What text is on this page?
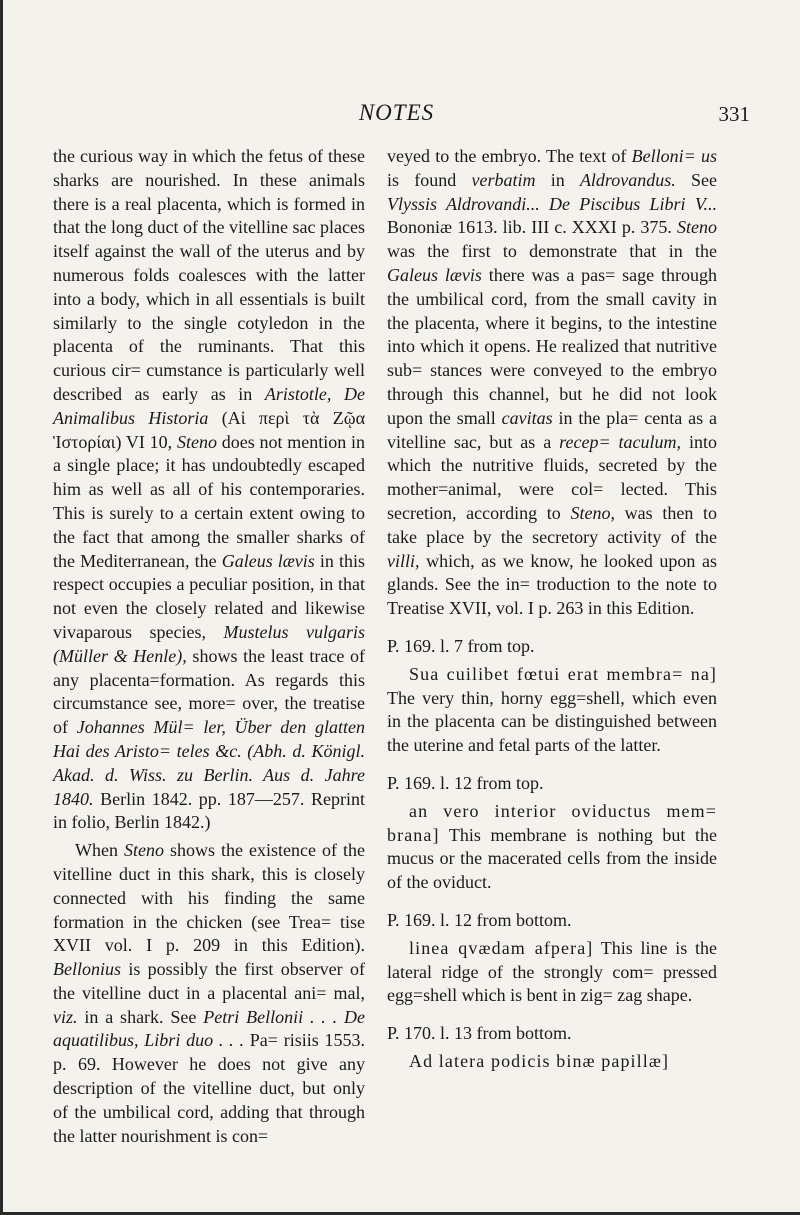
NOTES	331

the curious way in which the fetus of these sharks are nourished. In these animals there is a real placenta, which is formed in that the long duct of the vitelline sac places itself against the wall of the uterus and by numerous folds coalesces with the latter into a body, which in all essentials is built similarly to the single cotyledon in the placenta of the ruminants. That this curious cir= cumstance is particularly well described as early as in Aristotle, De Animalibus Historia (Αἱ περὶ τὰ Ζῷα Ἱστορίαι) VI 10, Steno does not mention in a single place; it has undoubtedly escaped him as well as all of his contemporaries. This is surely to a certain extent owing to the fact that among the smaller sharks of the Mediterranean, the Galeus lævis in this respect occupies a peculiar position, in that not even the closely related and likewise vivaparous species, Mustelus vulgaris (Müller & Henle), shows the least trace of any placenta=formation. As regards this circumstance see, more= over, the treatise of Johannes Mül= ler, Über den glatten Hai des Aristo= teles &c. (Abh. d. Königl. Akad. d. Wiss. zu Berlin. Aus d. Jahre 1840. Berlin 1842. pp. 187—257. Reprint in folio, Berlin 1842.)

When Steno shows the existence of the vitelline duct in this shark, this is closely connected with his finding the same formation in the chicken (see Trea= tise XVII vol. I p. 209 in this Edition). Bellonius is possibly the first observer of the vitelline duct in a placental ani= mal, viz. in a shark. See Petri Bellonii . . . De aquatilibus, Libri duo . . . Pa= risiis 1553. p. 69. However he does not give any description of the vitelline duct, but only of the umbilical cord, adding that through the latter nourishment is con=

veyed to the embryo. The text of Belloni= us is found verbatim in Aldrovandus. See Vlyssis Aldrovandi... De Piscibus Libri V... Bononiæ 1613. lib. III c. XXXI p. 375. Steno was the first to demonstrate that in the Galeus lævis there was a pas= sage through the umbilical cord, from the small cavity in the placenta, where it begins, to the intestine into which it opens. He realized that nutritive sub= stances were conveyed to the embryo through this channel, but he did not look upon the small cavitas in the pla= centa as a vitelline sac, but as a recep= taculum, into which the nutritive fluids, secreted by the mother=animal, were col= lected. This secretion, according to Steno, was then to take place by the secretory activity of the villi, which, as we know, he looked upon as glands. See the in= troduction to the note to Treatise XVII, vol. I p. 263 in this Edition.

P. 169. l. 7 from top.

Sua cuilibet fœtui erat membra= na] The very thin, horny egg=shell, which even in the placenta can be distinguished between the uterine and fetal parts of the latter.

P. 169. l. 12 from top.

an vero interior oviductus mem= brana] This membrane is nothing but the mucus or the macerated cells from the inside of the oviduct.

P. 169. l. 12 from bottom.

linea qvædam afpera] This line is the lateral ridge of the strongly com= pressed egg=shell which is bent in zig= zag shape.

P. 170. l. 13 from bottom.

Ad latera podicis binæ papillæ]
